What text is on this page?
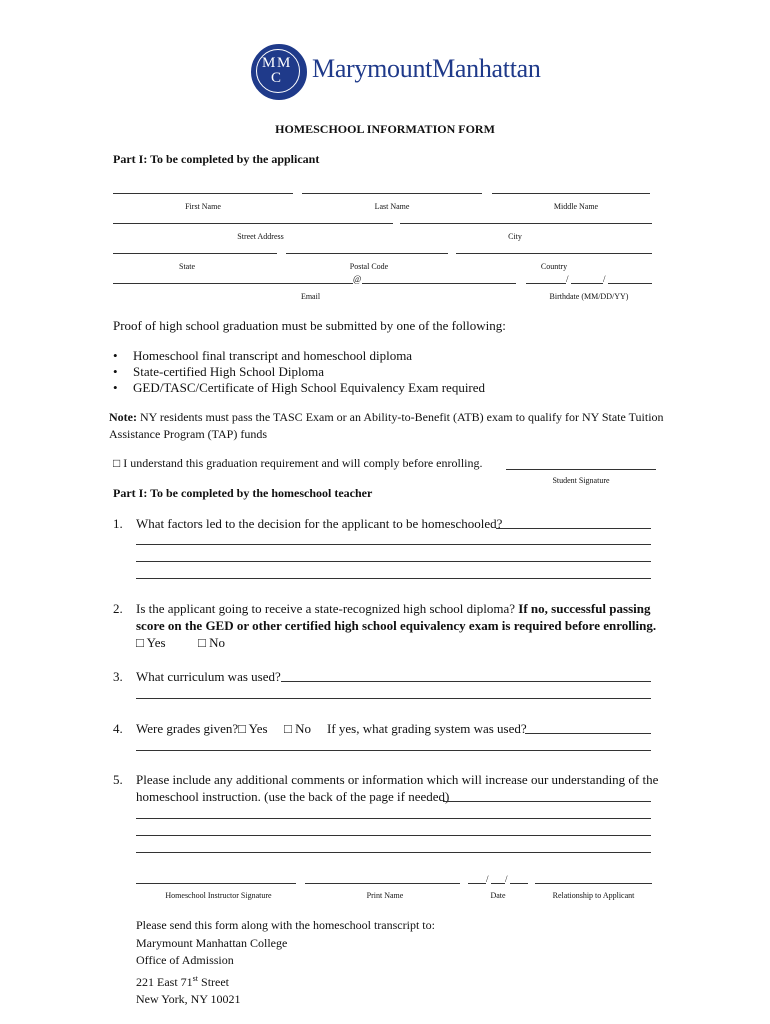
M M
C MarymountManhattan
HOMESCHOOL INFORMATION FORM
Part I: To be completed by the applicant
First Name	Last Name	Middle Name
Street Address	City
State	Postal Code	Country
@	/	/
Email	Birthdate (MM/DD/YY)
Proof of high school graduation must be submitted by one of the following:
• Homeschool final transcript and homeschool diploma
• State-certified High School Diploma
• GED/TASC/Certificate of High School Equivalency Exam required
Note: NY residents must pass the TASC Exam or an Ability-to-Benefit (ATB) exam to qualify for NY State Tuition Assistance Program (TAP) funds
□ I understand this graduation requirement and will comply before enrolling.
Student Signature
Part I: To be completed by the homeschool teacher
1. What factors led to the decision for the applicant to be homeschooled?
2. Is the applicant going to receive a state-recognized high school diploma? If no, successful passing
score on the GED or other certified high school equivalency exam is required before enrolling.
□ Yes □ No
3. What curriculum was used?
4. Were grades given? □ Yes □ No If yes, what grading system was used?
5. Please include any additional comments or information which will increase our understanding of the
homeschool instruction. (use the back of the page if needed)
/ /
Homeschool Instructor Signature	Print Name	Date	Relationship to Applicant
Please send this form along with the homeschool transcript to:
Marymount Manhattan College
Office of Admission
221 East 71st Street
New York, NY 10021
